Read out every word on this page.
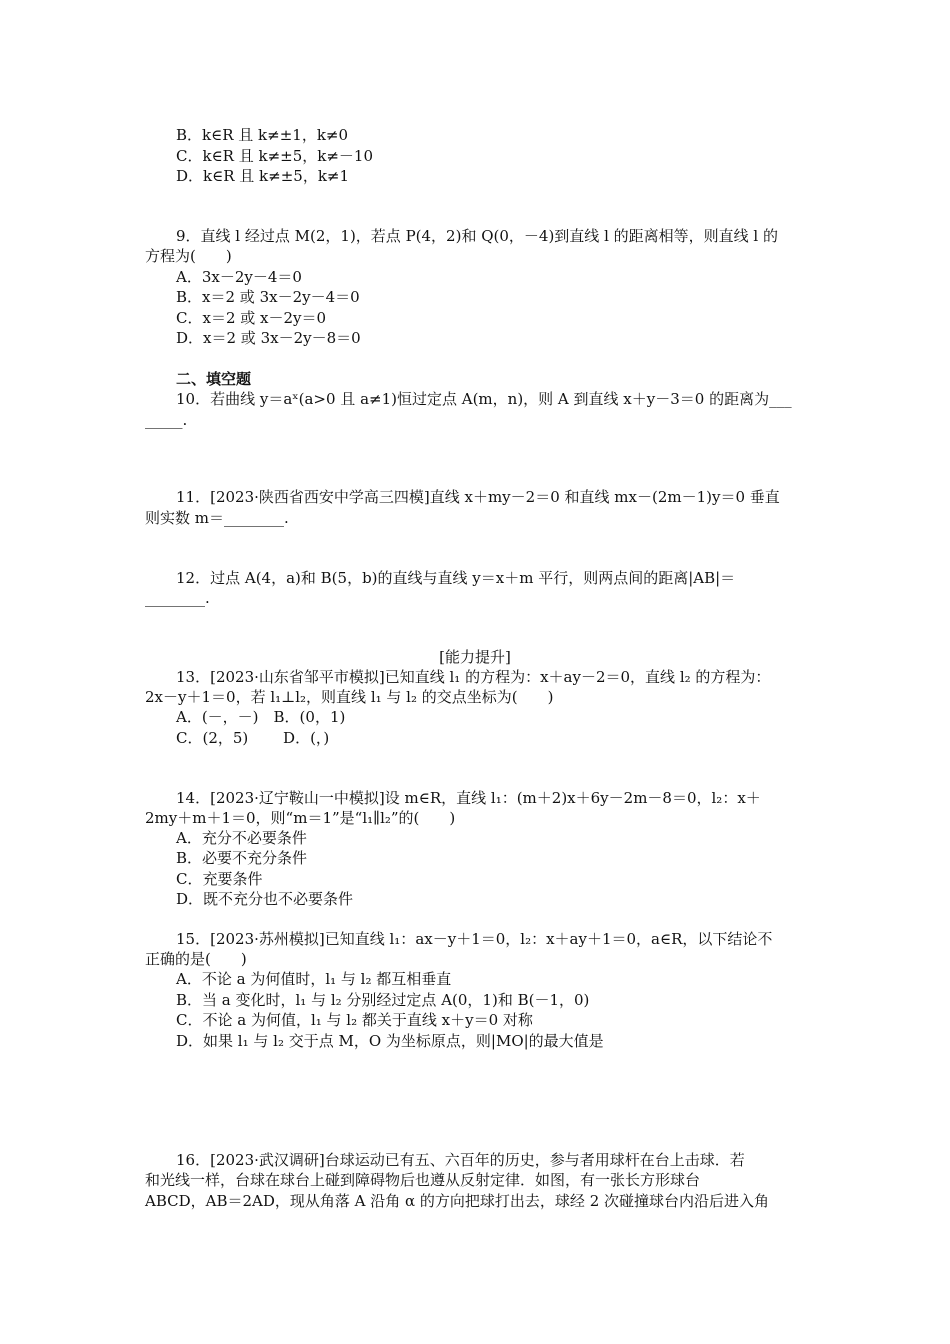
B．k∈R 且 k≠±1，k≠0
C．k∈R 且 k≠±5，k≠－10
D．k∈R 且 k≠±5，k≠1
9．直线 l 经过点 M(2，1)，若点 P(4，2)和 Q(0，－4)到直线 l 的距离相等，则直线 l 的
方程为(　　)
A．3x－2y－4＝0
B．x＝2 或 3x－2y－4＝0
C．x＝2 或 x－2y＝0
D．x＝2 或 3x－2y－8＝0
二、填空题
10．若曲线 y＝aˣ(a>0 且 a≠1)恒过定点 A(m，n)，则 A 到直线 x＋y－3＝0 的距离为___
_____.
11．[2023·陕西省西安中学高三四模]直线 x＋my－2＝0 和直线 mx－(2m－1)y＝0 垂直
则实数 m＝________.
12．过点 A(4，a)和 B(5，b)的直线与直线 y＝x＋m 平行，则两点间的距离|AB|＝
________.
[能力提升]
13．[2023·山东省邹平市模拟]已知直线 l₁ 的方程为：x＋ay－2＝0，直线 l₂ 的方程为：
2x－y＋1＝0，若 l₁⊥l₂，则直线 l₁ 与 l₂ 的交点坐标为(　　)
A．(－，－)　B．(0，1)
C．(2，5)　　 D．(，)
14．[2023·辽宁鞍山一中模拟]设 m∈R，直线 l₁：(m＋2)x＋6y－2m－8＝0，l₂：x＋
2my＋m＋1＝0，则“m＝1”是“l₁∥l₂”的(　　)
A．充分不必要条件
B．必要不充分条件
C．充要条件
D．既不充分也不必要条件
15．[2023·苏州模拟]已知直线 l₁：ax－y＋1＝0，l₂：x＋ay＋1＝0，a∈R，以下结论不
正确的是(　　)
A．不论 a 为何值时，l₁ 与 l₂ 都互相垂直
B．当 a 变化时，l₁ 与 l₂ 分别经过定点 A(0，1)和 B(－1，0)
C．不论 a 为何值，l₁ 与 l₂ 都关于直线 x＋y＝0 对称
D．如果 l₁ 与 l₂ 交于点 M，O 为坐标原点，则|MO|的最大值是
16．[2023·武汉调研]台球运动已有五、六百年的历史，参与者用球杆在台上击球．若
和光线一样，台球在球台上碰到障碍物后也遵从反射定律．如图，有一张长方形球台
ABCD，AB＝2AD，现从角落 A 沿角 α 的方向把球打出去，球经 2 次碰撞球台内沿后进入角
